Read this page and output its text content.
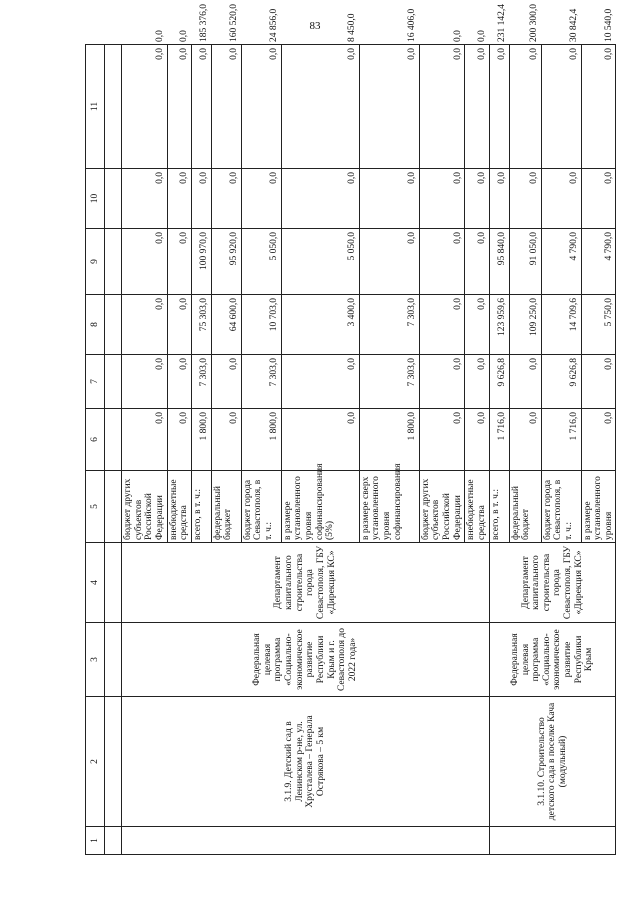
83
1	2	3	4	5	6	7	8	9	10	11	

	3.1.9. Детский сад в Ленинском р-не, ул. Хрусталева – Генерала Острякова – 5 км	Федеральная целевая программа «Социально-экономическое развитие Республики Крым и г. Севастополя до 2022 года»	Департамент капитального строительства города Севастополя, ГБУ «Дирекция КС»	бюджет других субъектов Российской Федерации	0,0	0,0	0,0	0,0	0,0	0,0	0,0
				внебюджетные средства	0,0	0,0	0,0	0,0	0,0	0,0	0,0
				всего, в т. ч.:	1 800,0	7 303,0	75 303,0	100 970,0	0,0	0,0	185 376,0
				федеральный бюджет	0,0	0,0	64 600,0	95 920,0	0,0	0,0	160 520,0
				бюджет города Севастополя, в т. ч.:	1 800,0	7 303,0	10 703,0	5 050,0	0,0	0,0	24 856,0
				в размере установленного уровня софинансирования (5%)	0,0	0,0	3 400,0	5 050,0	0,0	0,0	8 450,0
				в размере сверх установленного уровня софинансирования	1 800,0	7 303,0	7 303,0	0,0	0,0	0,0	16 406,0
				бюджет других субъектов Российской Федерации	0,0	0,0	0,0	0,0	0,0	0,0	0,0
				внебюджетные средства	0,0	0,0	0,0	0,0	0,0	0,0	0,0
	3.1.10. Строительство детского сада в поселке Кача (модульный)	Федеральная целевая программа «Социально-экономическое развитие Республики Крым	Департамент капитального строительства города Севастополя, ГБУ «Дирекция КС»	всего, в т. ч.:	1 716,0	9 626,8	123 959,6	95 840,0	0,0	0,0	231 142,4
				федеральный бюджет	0,0	0,0	109 250,0	91 050,0	0,0	0,0	200 300,0
				бюджет города Севастополя, в т. ч.:	1 716,0	9 626,8	14 709,6	4 790,0	0,0	0,0	30 842,4
				в размере установленного уровня	0,0	0,0	5 750,0	4 790,0	0,0	0,0	10 540,0
